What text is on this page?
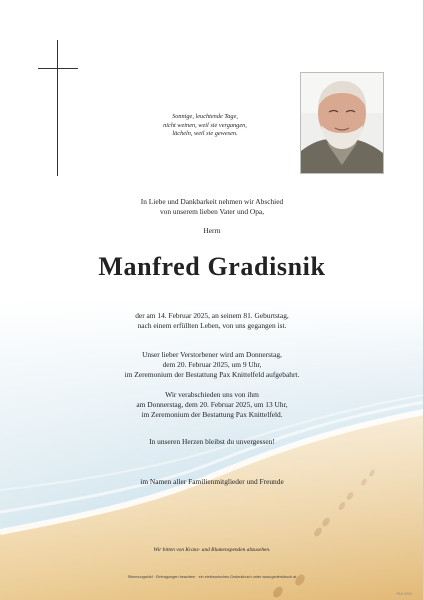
Sonnige, leuchtende Tage,
nicht weinen, weil sie vergangen,
lächeln, weil sie gewesen.
In Liebe und Dankbarkeit nehmen wir Abschied
von unserem lieben Vater und Opa,
Herrn
Manfred Gradisnik
der am 14. Februar 2025, an seinem 81. Geburtstag,
nach einem erfüllten Leben, von uns gegangen ist.
Unser lieber Verstorbener wird am Donnerstag,
dem 20. Februar 2025, um 9 Uhr,
im Zeremonium der Bestattung Pax Knittelfeld aufgebahrt.
Wir verabschieden uns von ihm
am Donnerstag, dem 20. Februar 2025, um 13 Uhr,
im Zeremonium der Bestattung Pax Knittelfeld.
In unseren Herzen bleibst du unvergessen!
im Namen aller Familienmitglieder und Freunde
Wir bitten von Kranz- und Blumenspenden abzusehen.
Stimmungsbild · Eintragungen beachten · ein elektronisches Gedenkbuch unter www.gedenkbuch.at
PAX 0202
